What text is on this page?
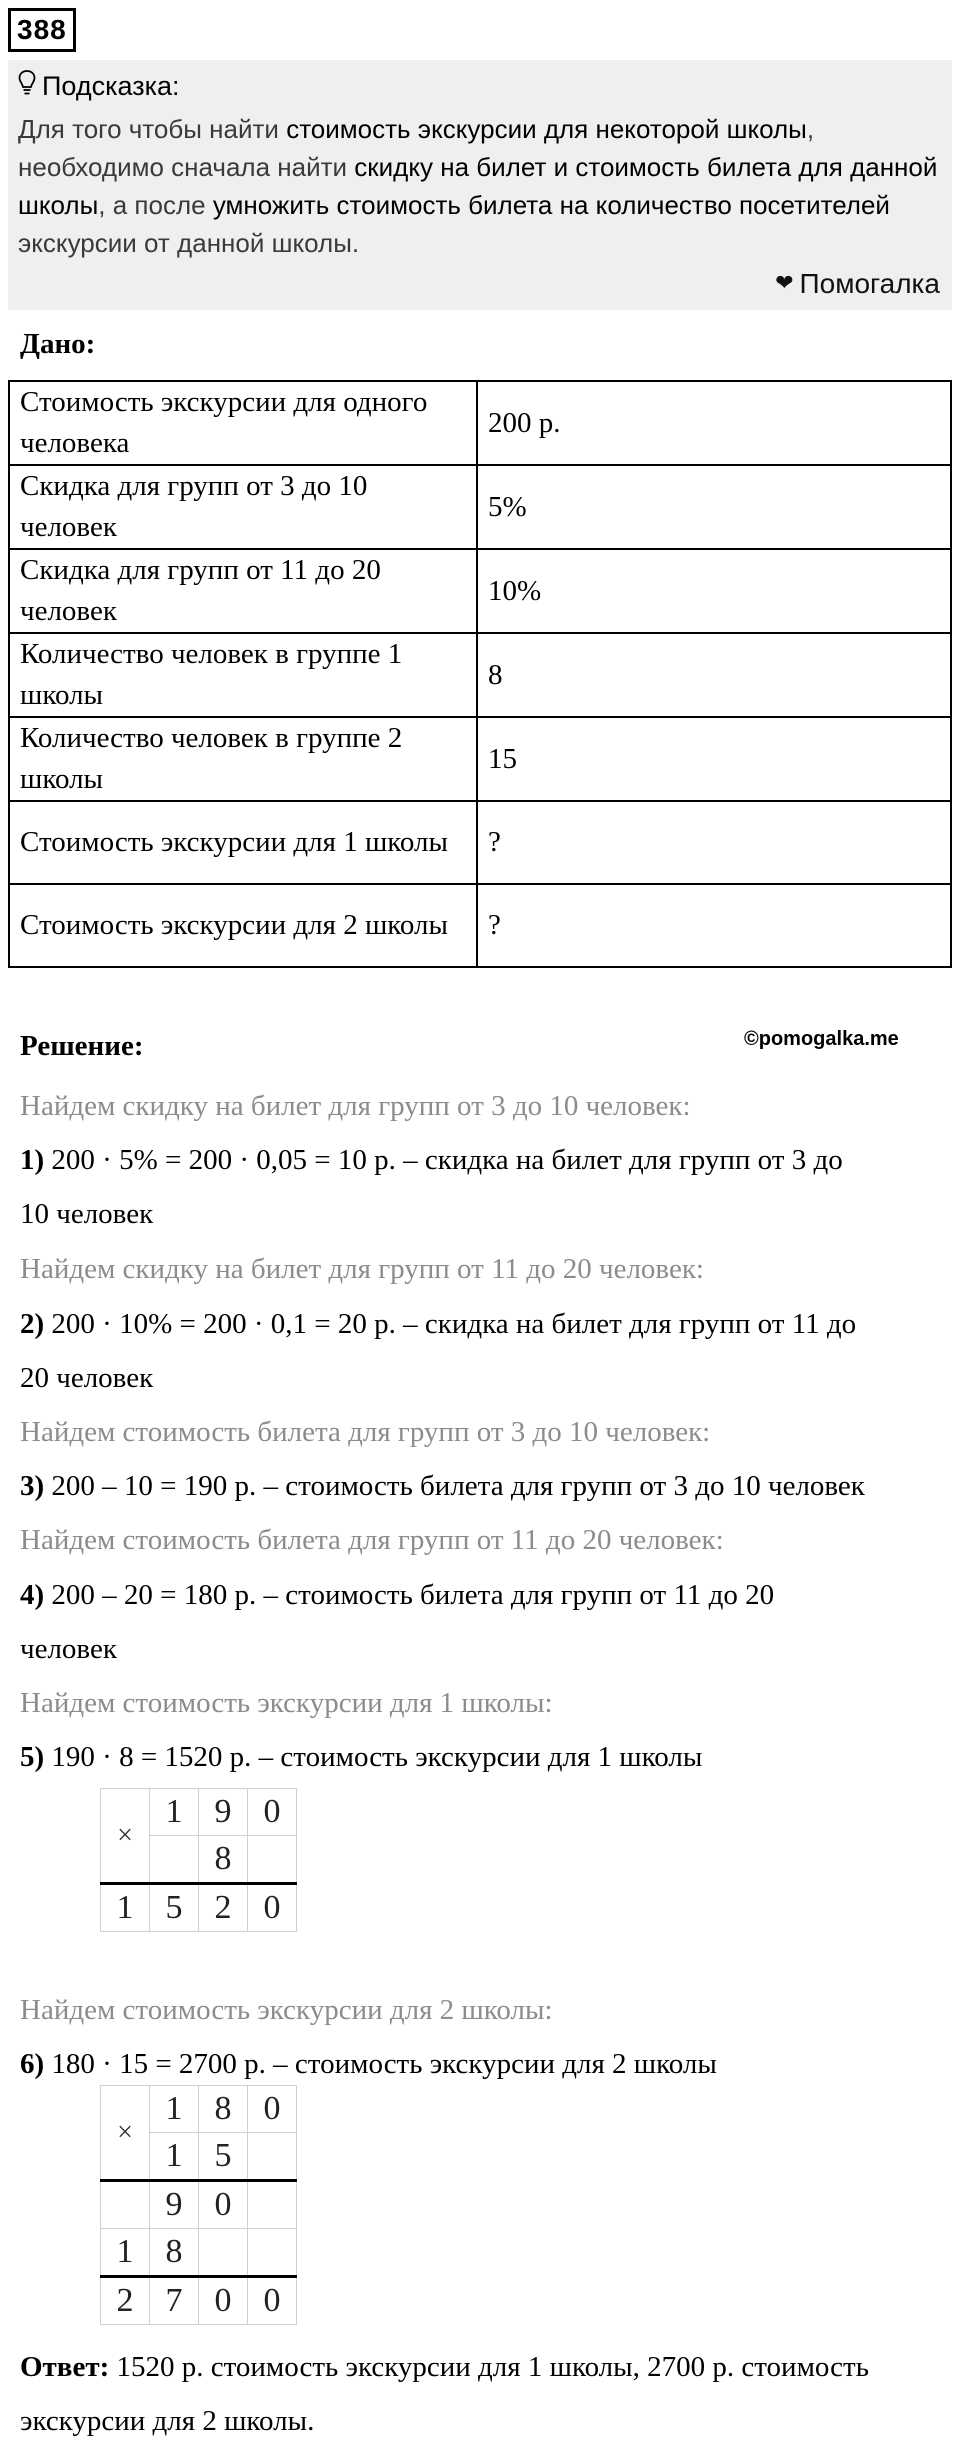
388
Подсказка:
Для того чтобы найти стоимость экскурсии для некоторой школы, необходимо сначала найти скидку на билет и стоимость билета для данной школы, а после умножить стоимость билета на количество посетителей экскурсии от данной школы.
❤ Помогалка
Дано:
Стоимость экскурсии для одного человека	200 р.
Скидка для групп от 3 до 10 человек	5%
Скидка для групп от 11 до 20 человек	10%
Количество человек в группе 1 школы	8
Количество человек в группе 2 школы	15
Стоимость экскурсии для 1 школы	?
Стоимость экскурсии для 2 школы	?
Решение:	©pomogalka.me
Найдем скидку на билет для групп от 3 до 10 человек:
1) 200 · 5% = 200 · 0,05 = 10 р. – скидка на билет для групп от 3 до
10 человек
Найдем скидку на билет для групп от 11 до 20 человек:
2) 200 · 10% = 200 · 0,1 = 20 р. – скидка на билет для групп от 11 до
20 человек
Найдем стоимость билета для групп от 3 до 10 человек:
3) 200 – 10 = 190 р. – стоимость билета для групп от 3 до 10 человек
Найдем стоимость билета для групп от 11 до 20 человек:
4) 200 – 20 = 180 р. – стоимость билета для групп от 11 до 20
человек
Найдем стоимость экскурсии для 1 школы:
5) 190 · 8 = 1520 р. – стоимость экскурсии для 1 школы
Найдем стоимость экскурсии для 2 школы:
6) 180 · 15 = 2700 р. – стоимость экскурсии для 2 школы
×	1	9	0
		8	
1	5	2	0
×	1	8	0
	1	5	
	9	0	
1	8		
2	7	0	0
Ответ: 1520 р. стоимость экскурсии для 1 школы, 2700 р. стоимость экскурсии для 2 школы.
